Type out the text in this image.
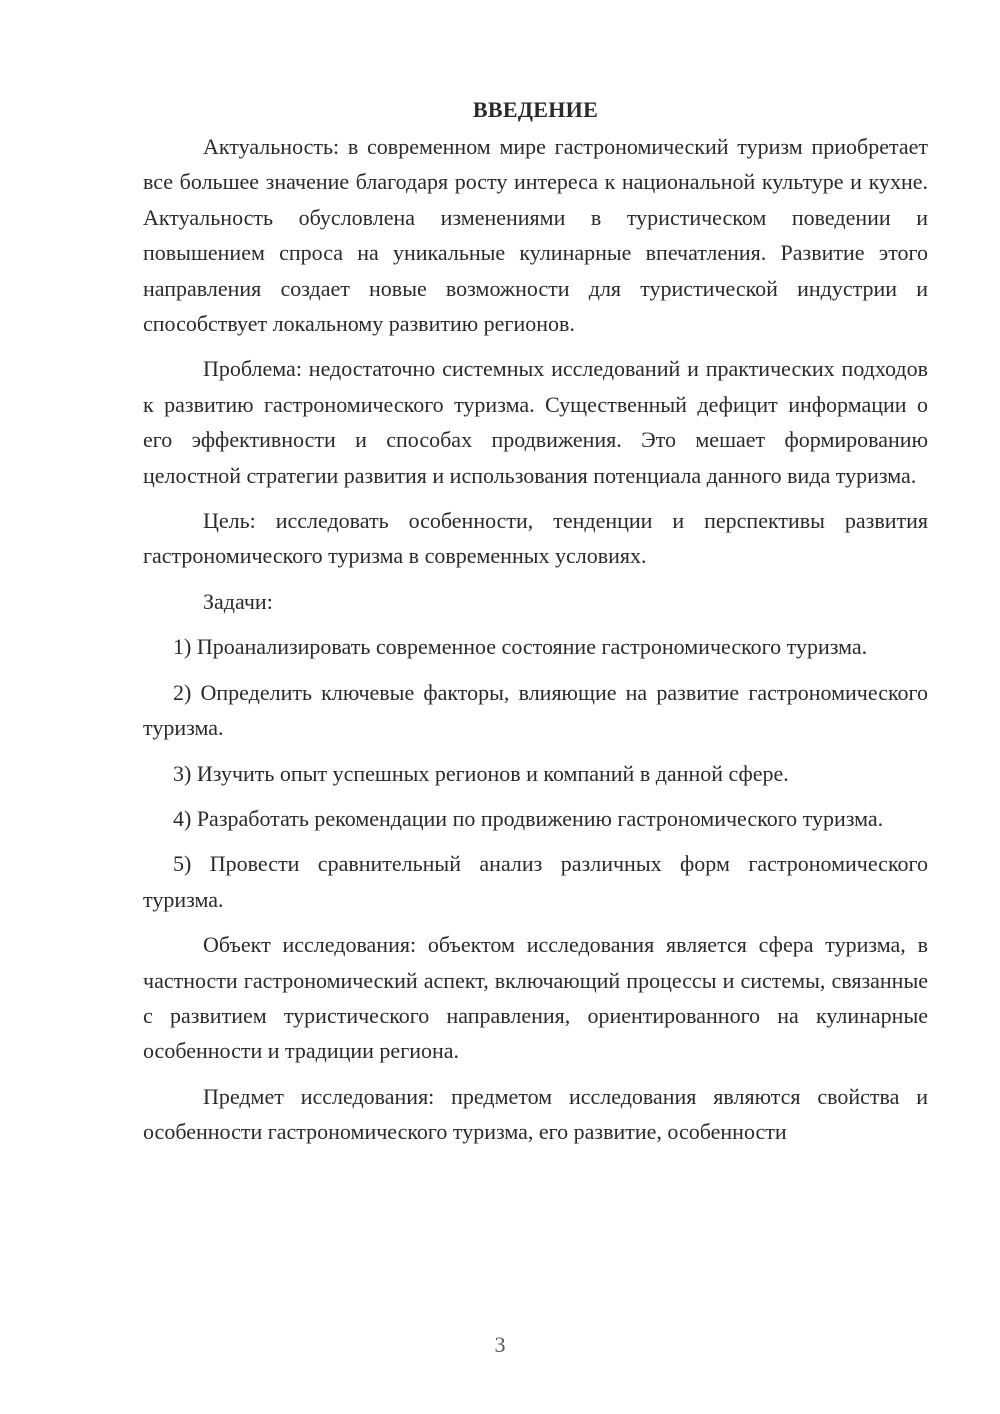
ВВЕДЕНИЕ

Актуальность: в современном мире гастрономический туризм приобретает все большее значение благодаря росту интереса к национальной культуре и кухне. Актуальность обусловлена изменениями в туристическом поведении и повышением спроса на уникальные кулинарные впечатления. Развитие этого направления создает новые возможности для туристической индустрии и способствует локальному развитию регионов.

Проблема: недостаточно системных исследований и практических подходов к развитию гастрономического туризма. Существенный дефицит информации о его эффективности и способах продвижения. Это мешает формированию целостной стратегии развития и использования потенциала данного вида туризма.

Цель: исследовать особенности, тенденции и перспективы развития гастрономического туризма в современных условиях.

Задачи:

1) Проанализировать современное состояние гастрономического туризма.

2) Определить ключевые факторы, влияющие на развитие гастрономического туризма.

3) Изучить опыт успешных регионов и компаний в данной сфере.

4) Разработать рекомендации по продвижению гастрономического туризма.

5) Провести сравнительный анализ различных форм гастрономического туризма.

Объект исследования: объектом исследования является сфера туризма, в частности гастрономический аспект, включающий процессы и системы, связанные с развитием туристического направления, ориентированного на кулинарные особенности и традиции региона.

Предмет исследования: предметом исследования являются свойства и особенности гастрономического туризма, его развитие, особенности

3
